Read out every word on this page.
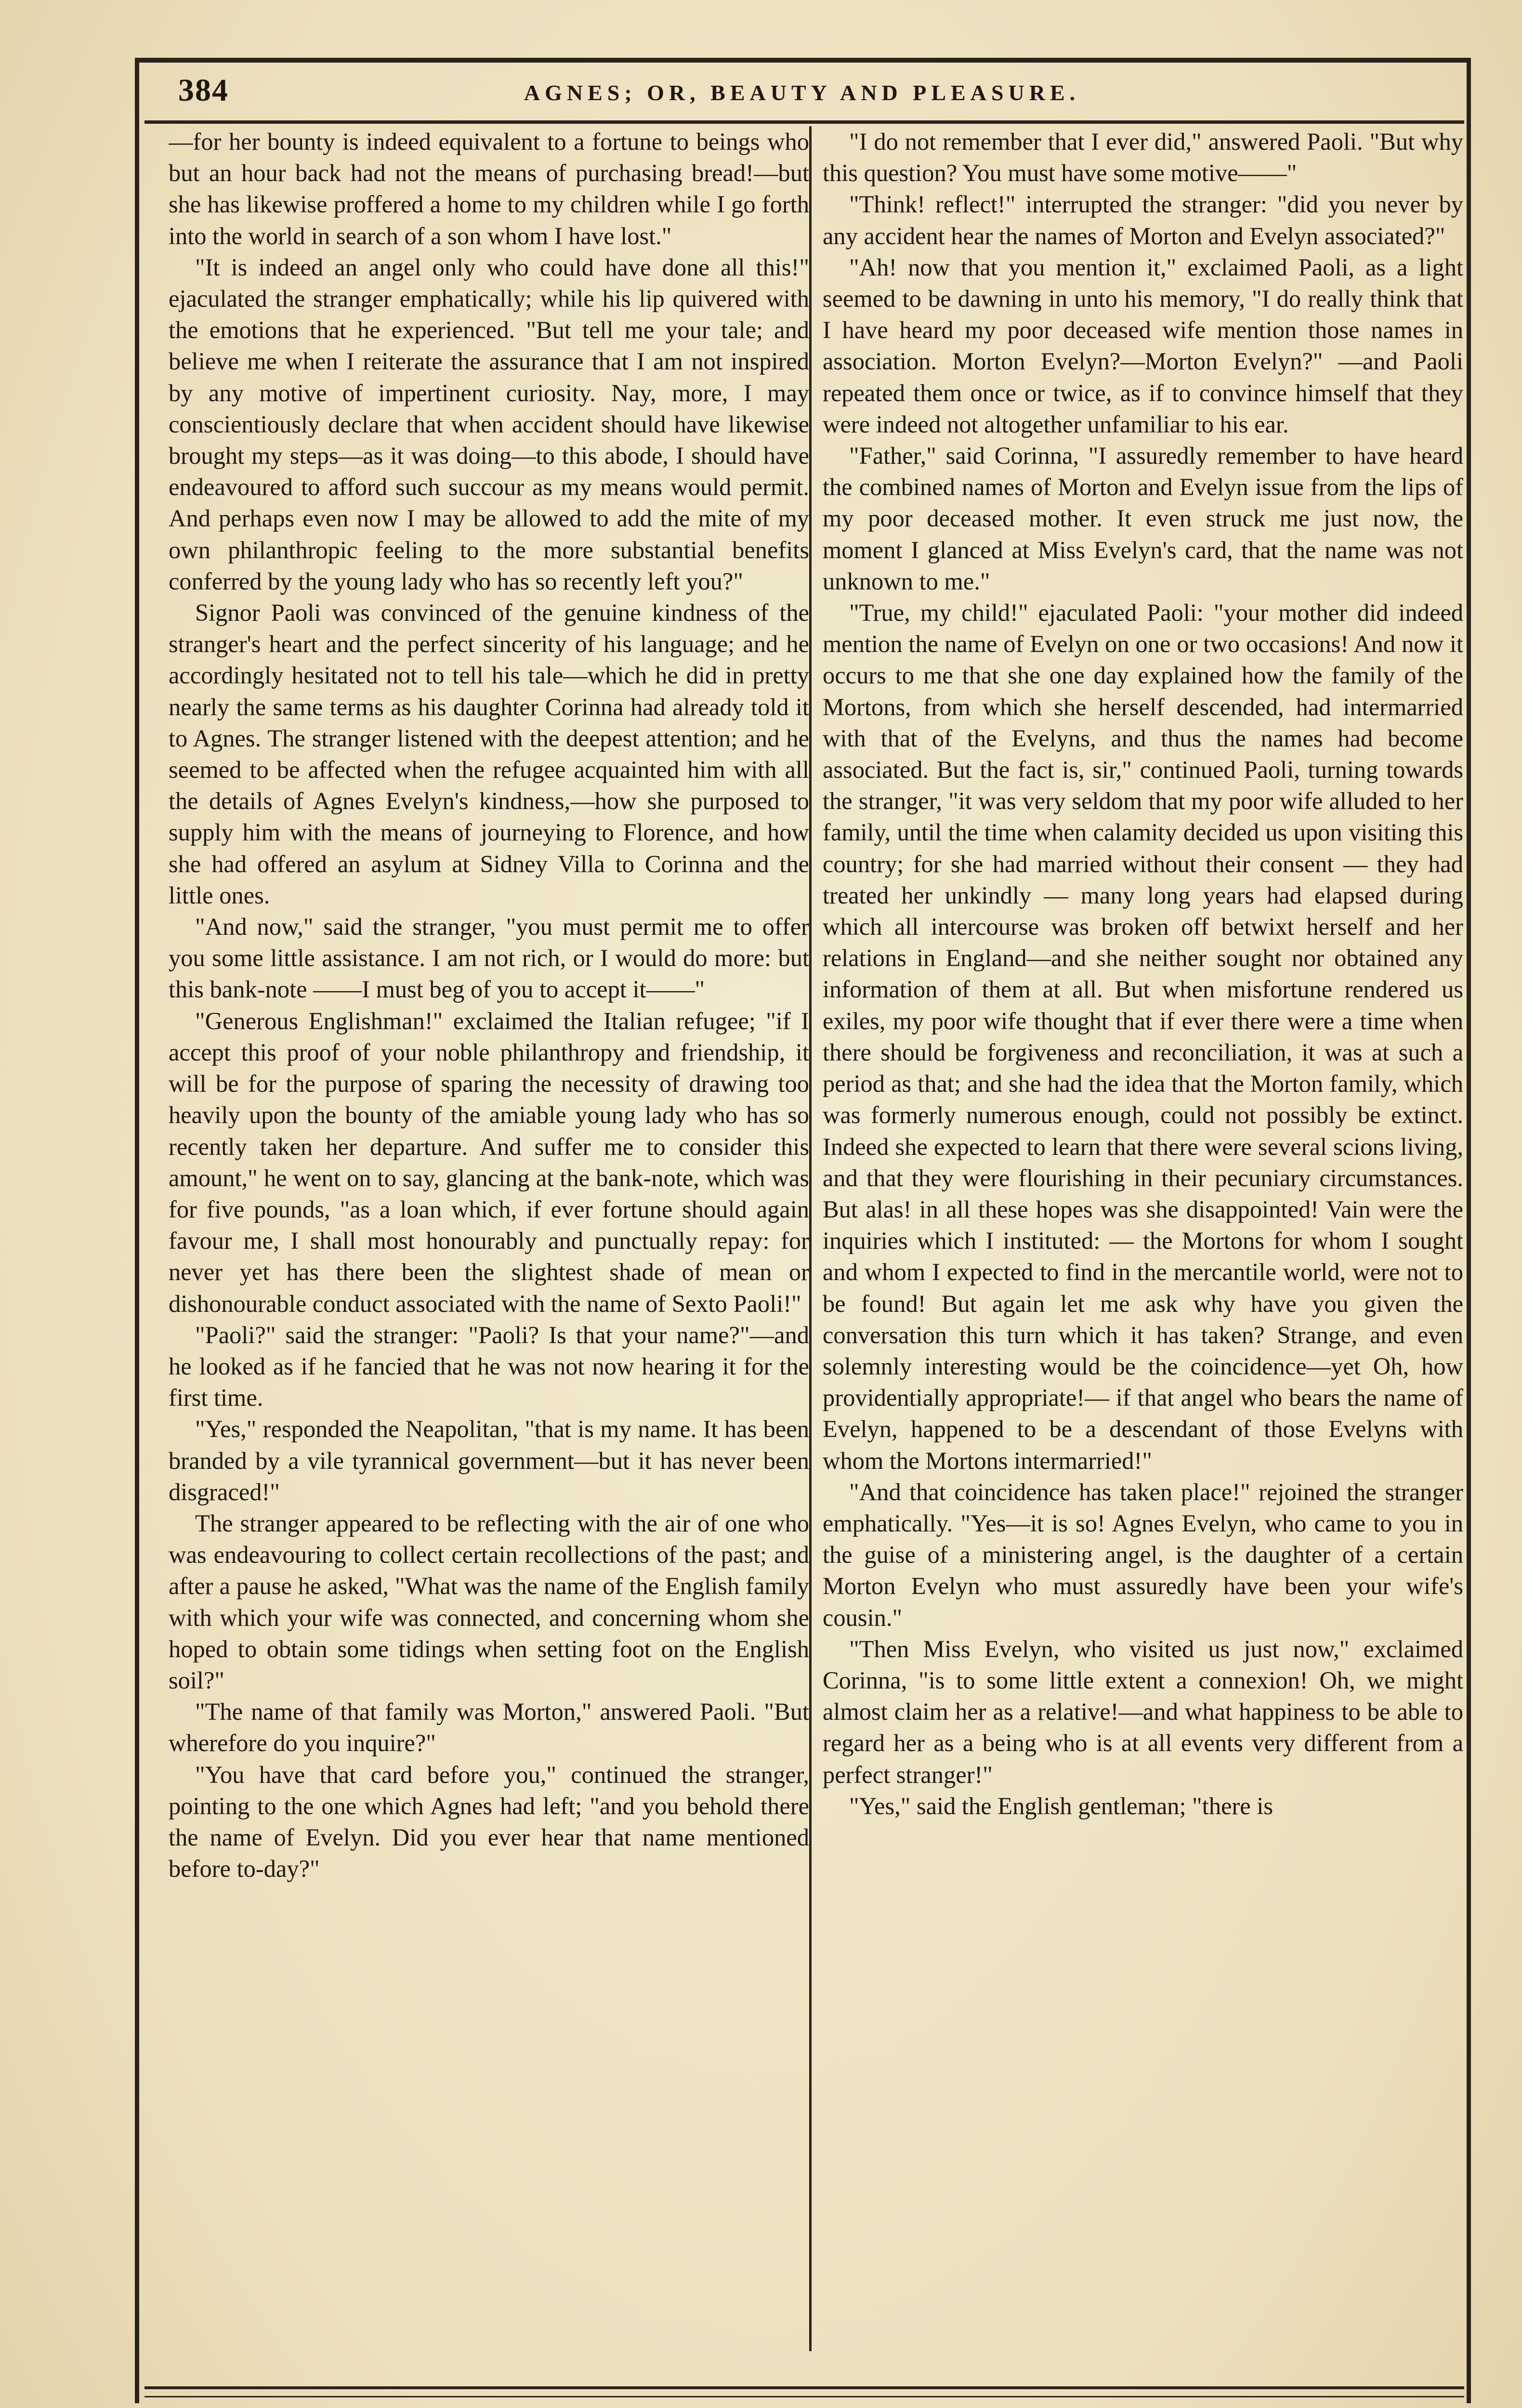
384	AGNES; OR, BEAUTY AND PLEASURE.

—for her bounty is indeed equivalent to a fortune to beings who but an hour back had not the means of purchasing bread!—but she has likewise proffered a home to my children while I go forth into the world in search of a son whom I have lost."

"It is indeed an angel only who could have done all this!" ejaculated the stranger emphatically; while his lip quivered with the emotions that he experienced. "But tell me your tale; and believe me when I reiterate the assurance that I am not inspired by any motive of impertinent curiosity. Nay, more, I may conscientiously declare that when accident should have likewise brought my steps—as it was doing—to this abode, I should have endeavoured to afford such succour as my means would permit. And perhaps even now I may be allowed to add the mite of my own philanthropic feeling to the more substantial benefits conferred by the young lady who has so recently left you?"

Signor Paoli was convinced of the genuine kindness of the stranger's heart and the perfect sincerity of his language; and he accordingly hesitated not to tell his tale—which he did in pretty nearly the same terms as his daughter Corinna had already told it to Agnes. The stranger listened with the deepest attention; and he seemed to be affected when the refugee acquainted him with all the details of Agnes Evelyn's kindness,—how she purposed to supply him with the means of journeying to Florence, and how she had offered an asylum at Sidney Villa to Corinna and the little ones.

"And now," said the stranger, "you must permit me to offer you some little assistance. I am not rich, or I would do more: but this bank-note ——I must beg of you to accept it——"

"Generous Englishman!" exclaimed the Italian refugee; "if I accept this proof of your noble philanthropy and friendship, it will be for the purpose of sparing the necessity of drawing too heavily upon the bounty of the amiable young lady who has so recently taken her departure. And suffer me to consider this amount," he went on to say, glancing at the bank-note, which was for five pounds, "as a loan which, if ever fortune should again favour me, I shall most honourably and punctually repay: for never yet has there been the slightest shade of mean or dishonourable conduct associated with the name of Sexto Paoli!"

"Paoli?" said the stranger: "Paoli? Is that your name?"—and he looked as if he fancied that he was not now hearing it for the first time.

"Yes," responded the Neapolitan, "that is my name. It has been branded by a vile tyrannical government—but it has never been disgraced!"

The stranger appeared to be reflecting with the air of one who was endeavouring to collect certain recollections of the past; and after a pause he asked, "What was the name of the English family with which your wife was connected, and concerning whom she hoped to obtain some tidings when setting foot on the English soil?"

"The name of that family was Morton," answered Paoli. "But wherefore do you inquire?"

"You have that card before you," continued the stranger, pointing to the one which Agnes had left; "and you behold there the name of Evelyn. Did you ever hear that name mentioned before to-day?"

"I do not remember that I ever did," answered Paoli. "But why this question? You must have some motive——"

"Think! reflect!" interrupted the stranger: "did you never by any accident hear the names of Morton and Evelyn associated?"

"Ah! now that you mention it," exclaimed Paoli, as a light seemed to be dawning in unto his memory, "I do really think that I have heard my poor deceased wife mention those names in association. Morton Evelyn?—Morton Evelyn?" —and Paoli repeated them once or twice, as if to convince himself that they were indeed not altogether unfamiliar to his ear.

"Father," said Corinna, "I assuredly remember to have heard the combined names of Morton and Evelyn issue from the lips of my poor deceased mother. It even struck me just now, the moment I glanced at Miss Evelyn's card, that the name was not unknown to me."

"True, my child!" ejaculated Paoli: "your mother did indeed mention the name of Evelyn on one or two occasions! And now it occurs to me that she one day explained how the family of the Mortons, from which she herself descended, had intermarried with that of the Evelyns, and thus the names had become associated. But the fact is, sir," continued Paoli, turning towards the stranger, "it was very seldom that my poor wife alluded to her family, until the time when calamity decided us upon visiting this country; for she had married without their consent — they had treated her unkindly — many long years had elapsed during which all intercourse was broken off betwixt herself and her relations in England—and she neither sought nor obtained any information of them at all. But when misfortune rendered us exiles, my poor wife thought that if ever there were a time when there should be forgiveness and reconciliation, it was at such a period as that; and she had the idea that the Morton family, which was formerly numerous enough, could not possibly be extinct. Indeed she expected to learn that there were several scions living, and that they were flourishing in their pecuniary circumstances. But alas! in all these hopes was she disappointed! Vain were the inquiries which I instituted: — the Mortons for whom I sought and whom I expected to find in the mercantile world, were not to be found! But again let me ask why have you given the conversation this turn which it has taken? Strange, and even solemnly interesting would be the coincidence—yet Oh, how providentially appropriate!— if that angel who bears the name of Evelyn, happened to be a descendant of those Evelyns with whom the Mortons intermarried!"

"And that coincidence has taken place!" rejoined the stranger emphatically. "Yes—it is so! Agnes Evelyn, who came to you in the guise of a ministering angel, is the daughter of a certain Morton Evelyn who must assuredly have been your wife's cousin."

"Then Miss Evelyn, who visited us just now," exclaimed Corinna, "is to some little extent a connexion! Oh, we might almost claim her as a relative!—and what happiness to be able to regard her as a being who is at all events very different from a perfect stranger!"

"Yes," said the English gentleman; "there is
